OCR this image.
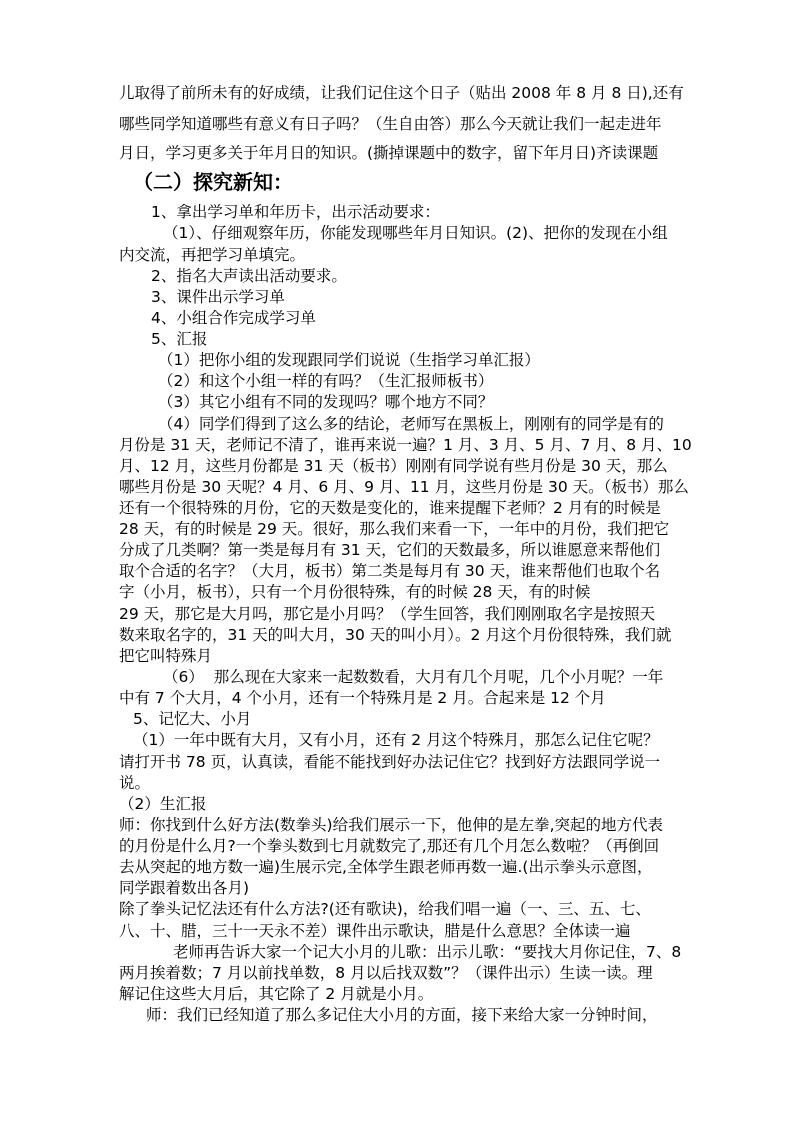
儿取得了前所未有的好成绩，让我们记住这个日子（贴出 2008 年 8 月 8 日),还有
哪些同学知道哪些有意义有日子吗？（生自由答）那么今天就让我们一起走进年
月日，学习更多关于年月日的知识。(撕掉课题中的数字，留下年月日)齐读课题
（二）探究新知：
1、拿出学习单和年历卡，出示活动要求：
（1）、仔细观察年历，你能发现哪些年月日知识。(2)、把你的发现在小组
内交流，再把学习单填完。
2、指名大声读出活动要求。
3、课件出示学习单
4、小组合作完成学习单
5、汇报
（1）把你小组的发现跟同学们说说（生指学习单汇报）
（2）和这个小组一样的有吗？（生汇报师板书）
（3）其它小组有不同的发现吗？哪个地方不同？
（4）同学们得到了这么多的结论，老师写在黑板上，刚刚有的同学是有的
月份是 31 天，老师记不清了，谁再来说一遍？1 月、3 月、5 月、7 月、8 月、10
月、12 月，这些月份都是 31 天（板书）刚刚有同学说有些月份是 30 天，那么
哪些月份是 30 天呢？4 月、6 月、9 月、11 月，这些月份是 30 天。（板书）那么
还有一个很特殊的月份，它的天数是变化的，谁来提醒下老师？2 月有的时候是
28 天，有的时候是 29 天。很好，那么我们来看一下，一年中的月份，我们把它
分成了几类啊？第一类是每月有 31 天，它们的天数最多，所以谁愿意来帮他们
取个合适的名字？（大月，板书）第二类是每月有 30 天，谁来帮他们也取个名
字（小月，板书），只有一个月份很特殊，有的时候 28 天，有的时候
29 天，那它是大月吗，那它是小月吗？（学生回答，我们刚刚取名字是按照天
数来取名字的，31 天的叫大月，30 天的叫小月）。2 月这个月份很特殊，我们就
把它叫特殊月
（6）  那么现在大家来一起数数看，大月有几个月呢，几个小月呢？一年
中有 7 个大月，4 个小月，还有一个特殊月是 2 月。合起来是 12 个月
5、记忆大、小月
（1）一年中既有大月，又有小月，还有 2 月这个特殊月，那怎么记住它呢？
请打开书 78 页，认真读，看能不能找到好办法记住它？找到好方法跟同学说一
说。
（2）生汇报
师：你找到什么好方法(数拳头)给我们展示一下，他伸的是左拳,突起的地方代表
的月份是什么月?一个拳头数到七月就数完了,那还有几个月怎么数啦？（再倒回
去从突起的地方数一遍)生展示完,全体学生跟老师再数一遍.(出示拳头示意图，
同学跟着数出各月)
除了拳头记忆法还有什么方法?(还有歌诀)，给我们唱一遍（一、三、五、七、
八、十、腊，三十一天永不差）课件出示歌诀，腊是什么意思？全体读一遍
老师再告诉大家一个记大小月的儿歌：出示儿歌：“要找大月你记住，7、8
两月挨着数；7 月以前找单数，8 月以后找双数”？（课件出示）生读一读。理
解记住这些大月后，其它除了 2 月就是小月。
师：我们已经知道了那么多记住大小月的方面，接下来给大家一分钟时间，
